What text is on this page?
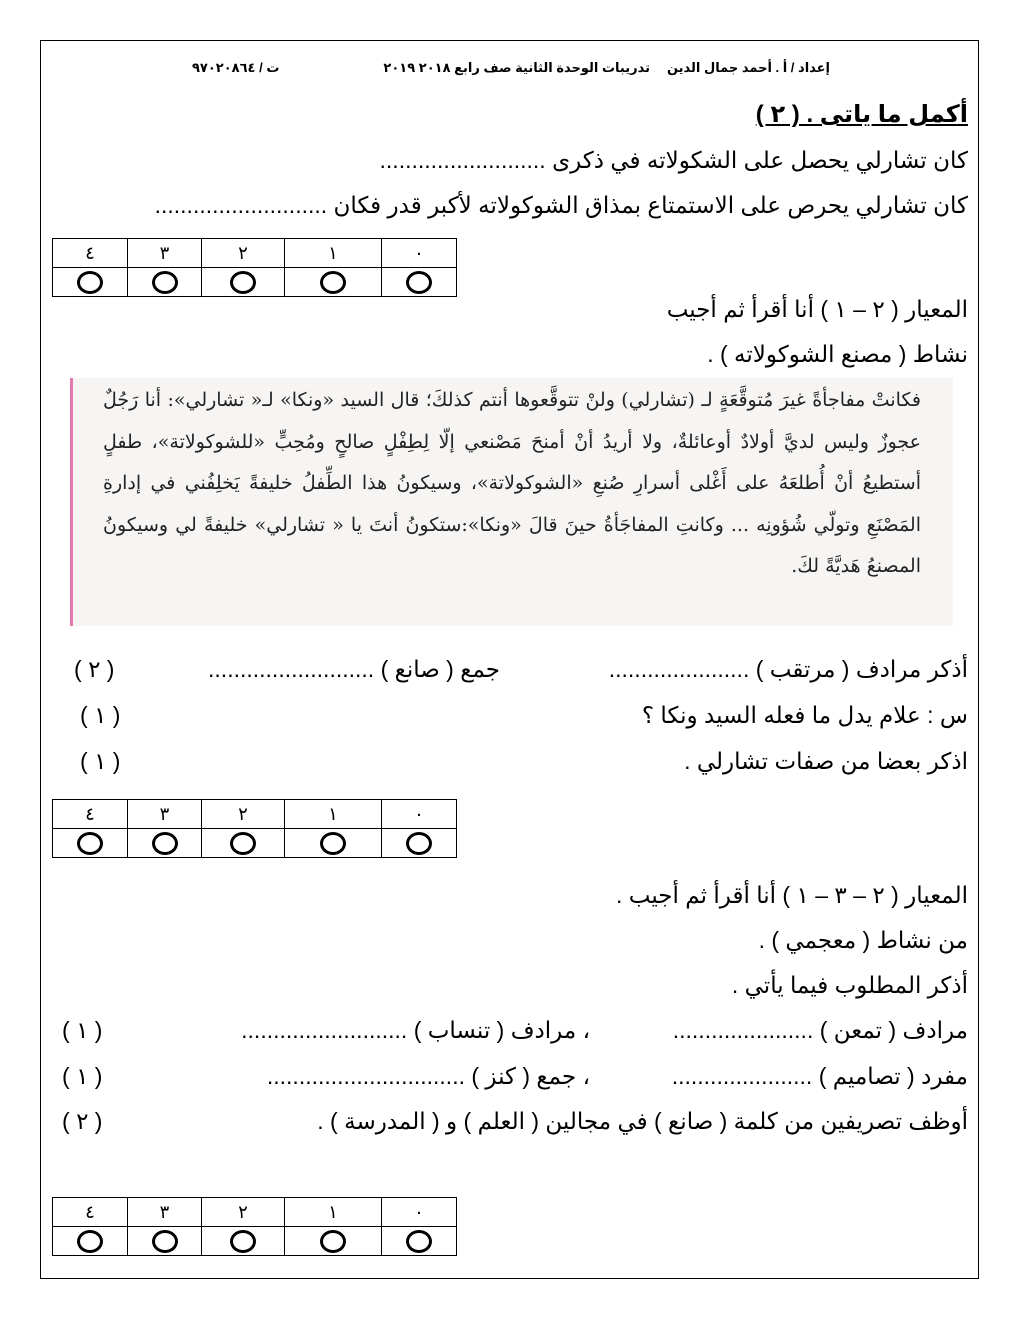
إعداد / أ . أحمد جمال الدين
تدريبات الوحدة الثانية صف رابع ٢٠١٨ ٢٠١٩
ت / ٩٧٠٢٠٨٦٤
أكمل ما ياتى . ( ٢ )
كان تشارلي يحصل على الشكولاته في ذكرى ..........................
كان تشارلي يحرص على الاستمتاع بمذاق الشوكولاته لأكبر قدر فكان ...........................
٠	١	٢	٣	٤

المعيار ( ٢ – ١ ) أنا أقرأ ثم أجيب
نشاط ( مصنع الشوكولاته ) .

فكانتْ مفاجأةً غيرَ مُتوقَّعَةٍ لـ (تشارلي) ولنْ تتوقَّعوها أنتم كذلكَ؛ قال السيد «ونكا» لـ« تشارلي»: أنا رَجُلٌ عجوزٌ وليس لديَّ أولادٌ أوعائلةٌ، ولا أريدُ أنْ أمنحَ مَصْنعي إلّا لِطِفْلٍ صالحٍ ومُحِبٍّ «للشوكولاتة»، طفلٍ أستطيعُ أنْ أُطلعَهُ على أَغْلى أسرارِ صُنعِ «الشوكولاتة»، وسيكونُ هذا الطِّفلُ خليفةً يَخلِفُني في إدارةِ المَصْنَعِ وتولّي شُؤونِه ... وكانتِ المفاجَأةُ حينَ قالَ «ونكا»:ستكونُ أنتَ يا « تشارلي» خليفةً لي وسيكونُ المصنعُ هَديَّةً لكَ.

أذكر مرادف ( مرتقب ) ......................
جمع ( صانع ) ..........................
( ٢ )
س : علام يدل ما فعله السيد ونكا ؟
( ١ )
اذكر بعضا من صفات تشارلي .
( ١ )
٠	١	٢	٣	٤

المعيار ( ٢ – ٣ – ١ ) أنا أقرأ ثم أجيب .
من نشاط ( معجمي ) .
أذكر المطلوب فيما يأتي .
مرادف ( تمعن ) ......................
، مرادف ( تنساب ) ..........................
( ١ )
مفرد ( تصاميم ) ......................
، جمع ( كنز ) ...............................
( ١ )
أوظف تصريفين من كلمة ( صانع ) في مجالين ( العلم ) و ( المدرسة ) .
( ٢ )
٠	١	٢	٣	٤
